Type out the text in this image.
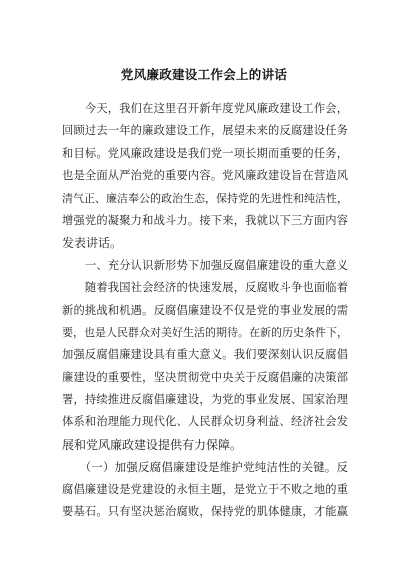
党风廉政建设工作会上的讲话
　　今天，我们在这里召开新年度党风廉政建设工作会，
回顾过去一年的廉政建设工作，展望未来的反腐建设任务
和目标。党风廉政建设是我们党一项长期而重要的任务，
也是全面从严治党的重要内容。党风廉政建设旨在营造风
清气正、廉洁奉公的政治生态，保持党的先进性和纯洁性，
增强党的凝聚力和战斗力。接下来，我就以下三方面内容
发表讲话。
　　一、充分认识新形势下加强反腐倡廉建设的重大意义
　　随着我国社会经济的快速发展，反腐败斗争也面临着
新的挑战和机遇。反腐倡廉建设不仅是党的事业发展的需
要，也是人民群众对美好生活的期待。在新的历史条件下，
加强反腐倡廉建设具有重大意义。我们要深刻认识反腐倡
廉建设的重要性，坚决贯彻党中央关于反腐倡廉的决策部
署，持续推进反腐倡廉建设，为党的事业发展、国家治理
体系和治理能力现代化、人民群众切身利益、经济社会发
展和党风廉政建设提供有力保障。
　　（一）加强反腐倡廉建设是维护党纯洁性的关键。反
腐倡廉建设是党建设的永恒主题，是党立于不败之地的重
要基石。只有坚决惩治腐败，保持党的肌体健康，才能赢
